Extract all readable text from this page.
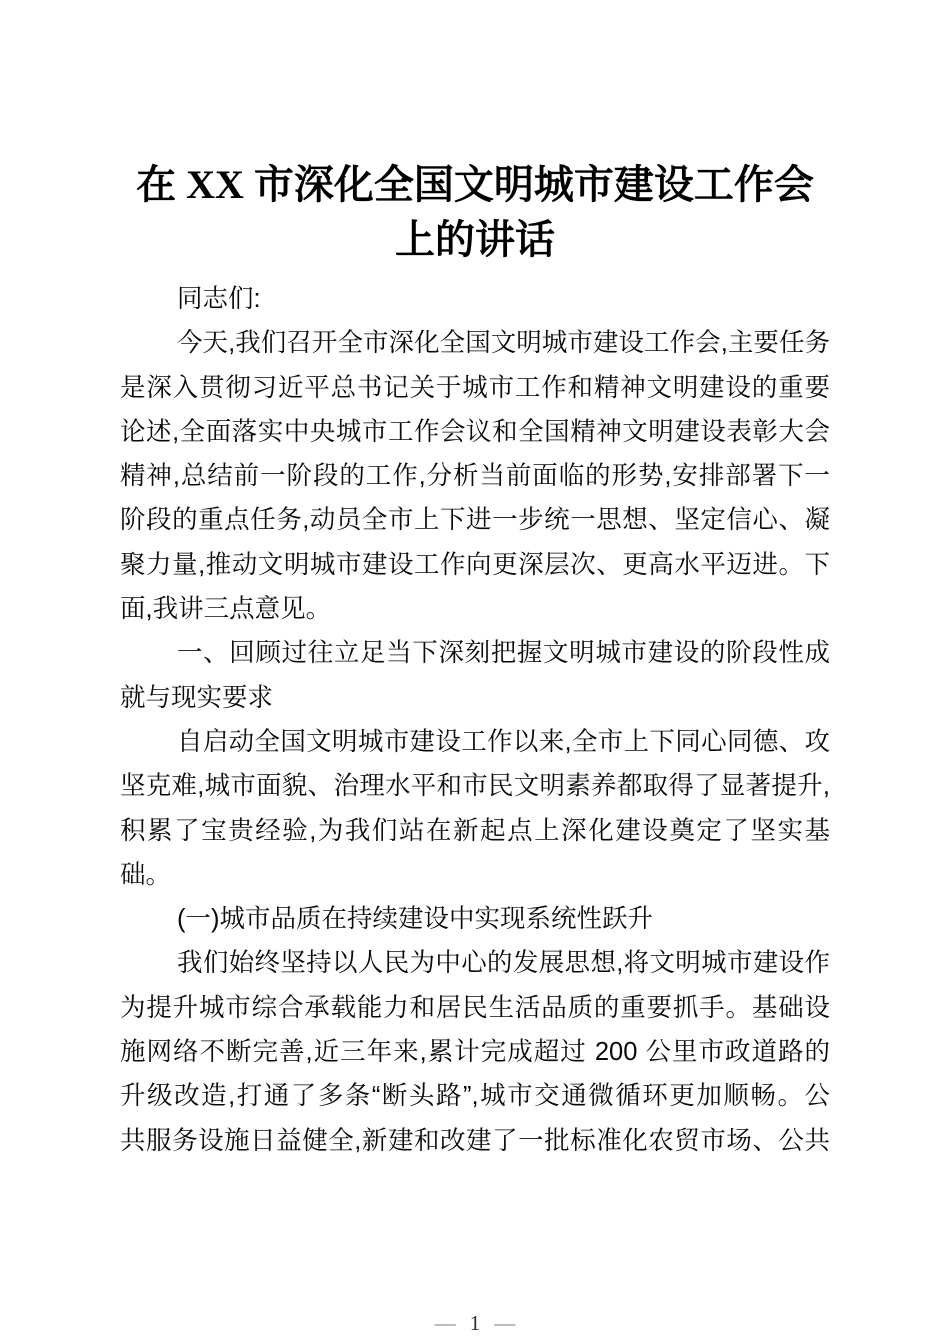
在 XX 市深化全国文明城市建设工作会
上的讲话
同志们:
今天,我们召开全市深化全国文明城市建设工作会,主要任务
是深入贯彻习近平总书记关于城市工作和精神文明建设的重要
论述,全面落实中央城市工作会议和全国精神文明建设表彰大会
精神,总结前一阶段的工作,分析当前面临的形势,安排部署下一
阶段的重点任务,动员全市上下进一步统一思想、坚定信心、凝
聚力量,推动文明城市建设工作向更深层次、更高水平迈进。下
面,我讲三点意见。
一、回顾过往立足当下深刻把握文明城市建设的阶段性成
就与现实要求
自启动全国文明城市建设工作以来,全市上下同心同德、攻
坚克难,城市面貌、治理水平和市民文明素养都取得了显著提升,
积累了宝贵经验,为我们站在新起点上深化建设奠定了坚实基
础。
(一)城市品质在持续建设中实现系统性跃升
我们始终坚持以人民为中心的发展思想,将文明城市建设作
为提升城市综合承载能力和居民生活品质的重要抓手。基础设
施网络不断完善,近三年来,累计完成超过 200 公里市政道路的
升级改造,打通了多条“断头路”,城市交通微循环更加顺畅。公
共服务设施日益健全,新建和改建了一批标准化农贸市场、公共
— 1 —
